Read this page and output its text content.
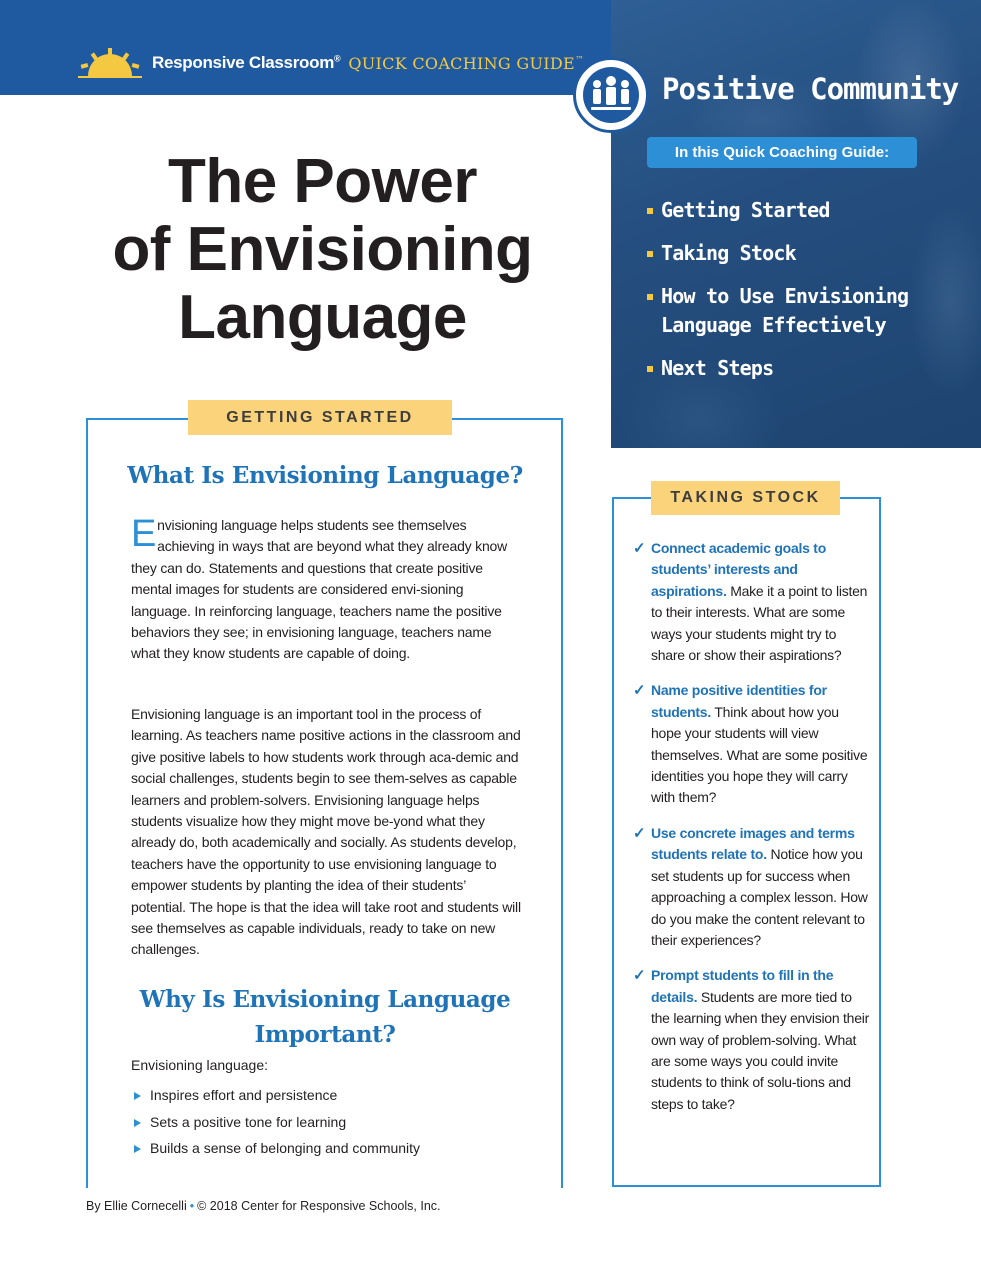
Responsive Classroom® QUICK COACHING GUIDE™
Positive Community
In this Quick Coaching Guide:
Getting Started
Taking Stock
How to Use Envisioning Language Effectively
Next Steps
The Power
of Envisioning
Language
GETTING STARTED
What Is Envisioning Language?

Envisioning language helps students see themselves achieving in ways that are beyond what they already know they can do. Statements and questions that create positive mental images for students are considered envi-sioning language. In reinforcing language, teachers name the positive behaviors they see; in envisioning language, teachers name what they know students are capable of doing.

Envisioning language is an important tool in the process of learning. As teachers name positive actions in the classroom and give positive labels to how students work through aca-demic and social challenges, students begin to see them-selves as capable learners and problem-solvers. Envisioning language helps students visualize how they might move be-yond what they already do, both academically and socially. As students develop, teachers have the opportunity to use envisioning language to empower students by planting the idea of their students’ potential. The hope is that the idea will take root and students will see themselves as capable individuals, ready to take on new challenges.

Why Is Envisioning Language
Important?
Envisioning language:
Inspires effort and persistence
Sets a positive tone for learning
Builds a sense of belonging and community
TAKING STOCK
✓ Connect academic goals to students’ interests and aspirations. Make it a point to listen to their interests. What are some ways your students might try to share or show their aspirations?
✓ Name positive identities for students. Think about how you hope your students will view themselves. What are some positive identities you hope they will carry with them?
✓ Use concrete images and terms students relate to. Notice how you set students up for success when approaching a complex lesson. How do you make the content relevant to their experiences?
✓ Prompt students to fill in the details. Students are more tied to the learning when they envision their own way of problem-solving. What are some ways you could invite students to think of solu-tions and steps to take?
By Ellie Cornecelli • © 2018 Center for Responsive Schools, Inc.
